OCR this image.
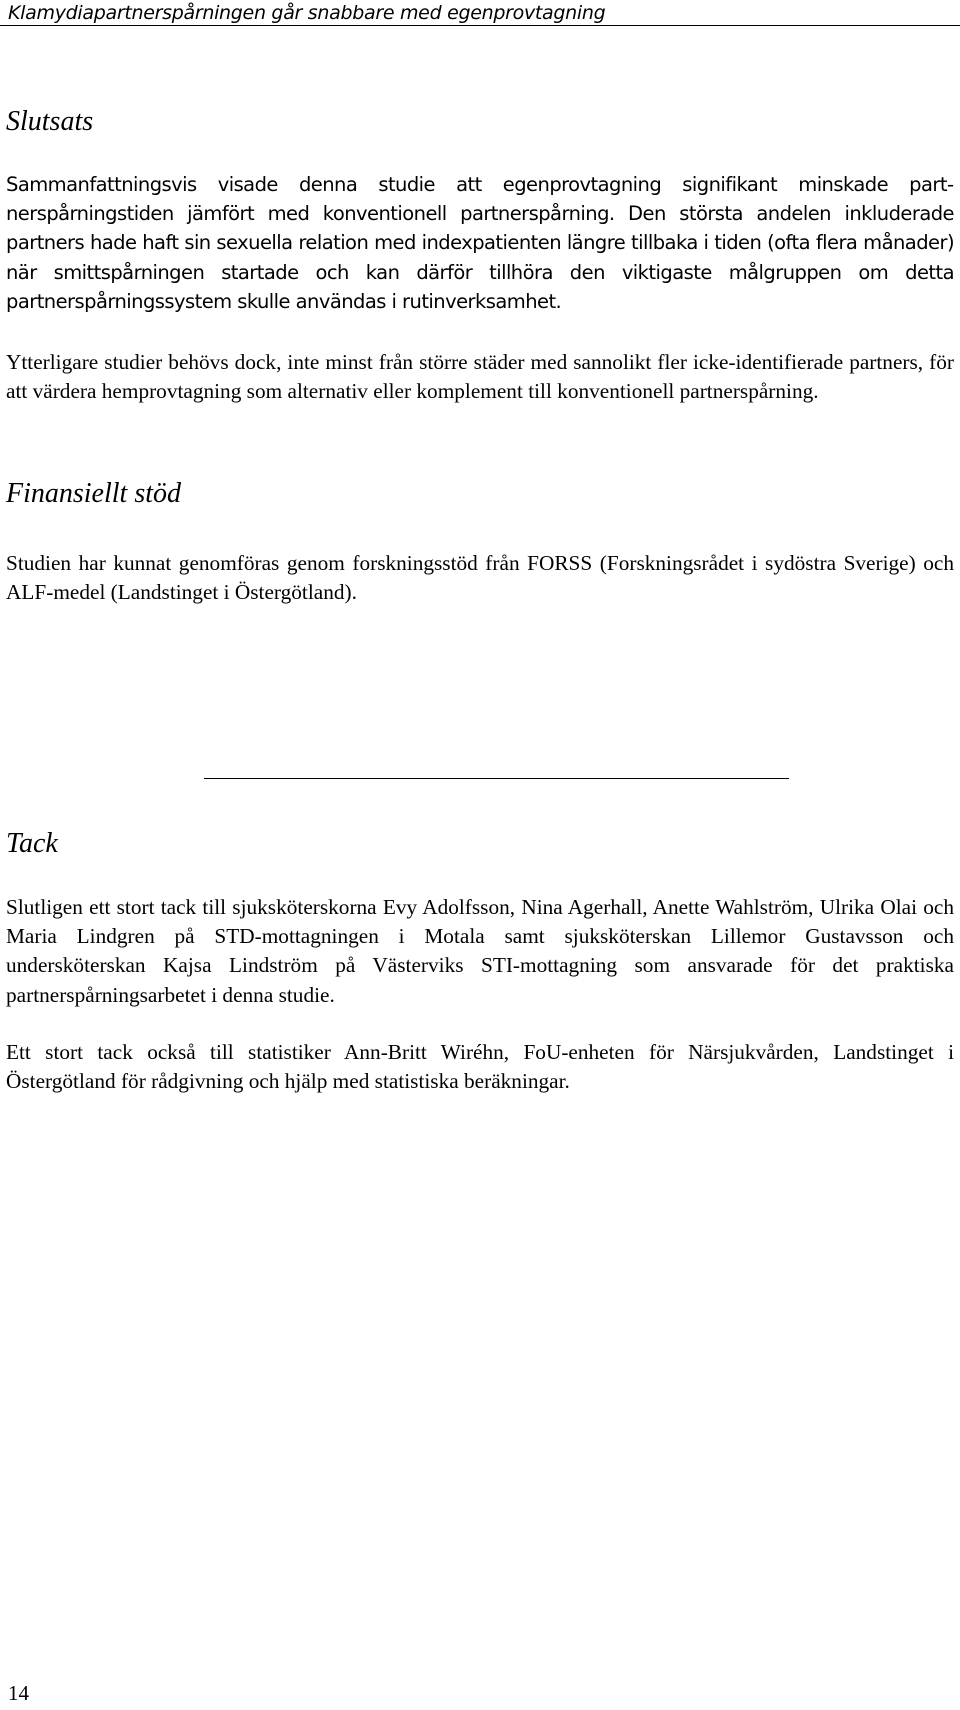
Klamydiapartnerspårningen går snabbare med egenprovtagning
Slutsats

Sammanfattningsvis visade denna studie att egenprovtagning signifikant minskade partnerspårningstiden jämfört med konventionell partnerspårning. Den största andelen inkluderade partners hade haft sin sexuella relation med indexpatienten längre tillbaka i tiden (ofta flera månader) när smittspårningen startade och kan därför tillhöra den viktigaste målgruppen om detta partnerspårningssystem skulle användas i rutinverksamhet.

Ytterligare studier behövs dock, inte minst från större städer med sannolikt fler icke-identifierade partners, för att värdera hemprovtagning som alternativ eller komplement till konventionell partnerspårning.

Finansiellt stöd

Studien har kunnat genomföras genom forskningsstöd från FORSS (Forskningsrådet i sydöstra Sverige) och ALF-medel (Landstinget i Östergötland).

Tack

Slutligen ett stort tack till sjuksköterskorna Evy Adolfsson, Nina Agerhall, Anette Wahlström, Ulrika Olai och Maria Lindgren på STD-mottagningen i Motala samt sjuksköterskan Lillemor Gustavsson och undersköterskan Kajsa Lindström på Västerviks STI-mottagning som ansvarade för det praktiska partnerspårningsarbetet i denna studie.

Ett stort tack också till statistiker Ann-Britt Wiréhn, FoU-enheten för Närsjukvården, Landstinget i Östergötland för rådgivning och hjälp med statistiska beräkningar.

14
